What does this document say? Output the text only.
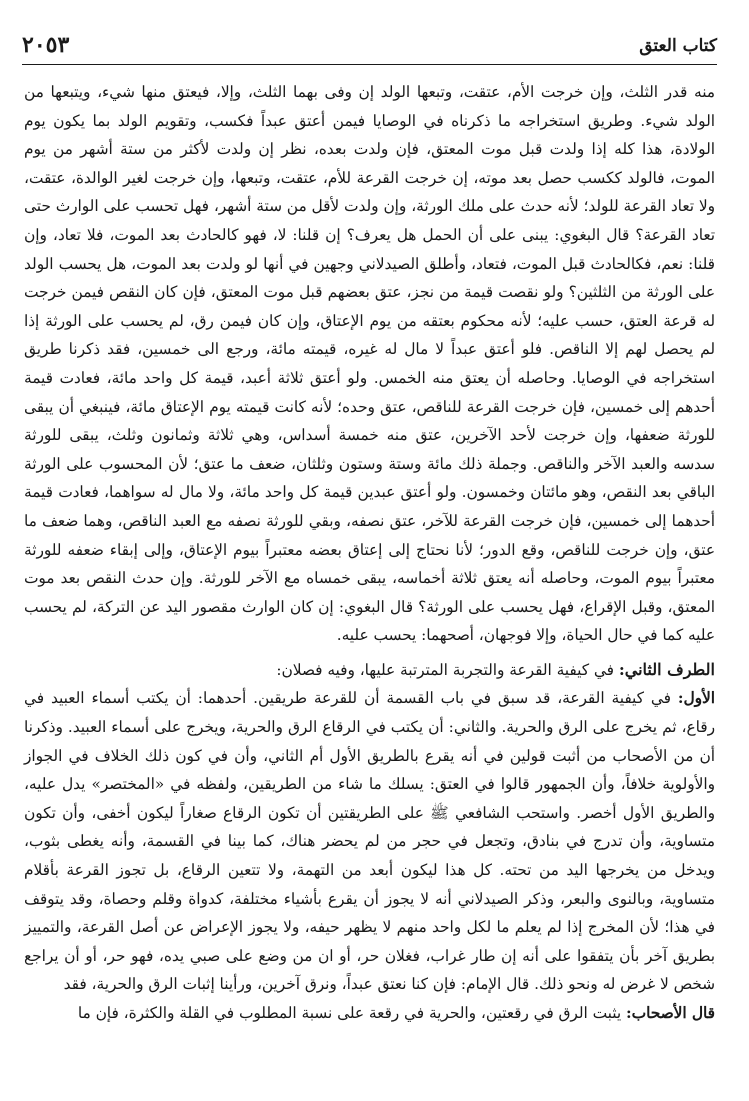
كتاب العتق
٢٠٥٣

منه قدر الثلث، وإن خرجت الأم، عتقت، وتبعها الولد إن وفى بهما الثلث، وإلا، فيعتق منها شيء، ويتبعها من الولد شيء. وطريق استخراجه ما ذكرناه في الوصايا فيمن أعتق عبداً فكسب، وتقويم الولد بما يكون يوم الولادة، هذا كله إذا ولدت قبل موت المعتق، فإن ولدت بعده، نظر إن ولدت لأكثر من ستة أشهر من يوم الموت، فالولد ككسب حصل بعد موته، إن خرجت القرعة للأم، عتقت، وتبعها، وإن خرجت لغير الوالدة، عتقت، ولا تعاد القرعة للولد؛ لأنه حدث على ملك الورثة، وإن ولدت لأقل من ستة أشهر، فهل تحسب على الوارث حتى تعاد القرعة؟ قال البغوي: يبنى على أن الحمل هل يعرف؟ إن قلنا: لا، فهو كالحادث بعد الموت، فلا تعاد، وإن قلنا: نعم، فكالحادث قبل الموت، فتعاد، وأطلق الصيدلاني وجهين في أنها لو ولدت بعد الموت، هل يحسب الولد على الورثة من الثلثين؟ ولو نقصت قيمة من نجز، عتق بعضهم قبل موت المعتق، فإن كان النقص فيمن خرجت له قرعة العتق، حسب عليه؛ لأنه محكوم بعتقه من يوم الإعتاق، وإن كان فيمن رق، لم يحسب على الورثة إذا لم يحصل لهم إلا الناقص. فلو أعتق عبداً لا مال له غيره، قيمته مائة، ورجع الى خمسين، فقد ذكرنا طريق استخراجه في الوصايا. وحاصله أن يعتق منه الخمس. ولو أعتق ثلاثة أعبد، قيمة كل واحد مائة، فعادت قيمة أحدهم إلى خمسين، فإن خرجت القرعة للناقص، عتق وحده؛ لأنه كانت قيمته يوم الإعتاق مائة، فينبغي أن يبقى للورثة ضعفها، وإن خرجت لأحد الآخرين، عتق منه خمسة أسداس، وهي ثلاثة وثمانون وثلث، يبقى للورثة سدسه والعبد الآخر والناقص. وجملة ذلك مائة وستة وستون وثلثان، ضعف ما عتق؛ لأن المحسوب على الورثة الباقي بعد النقص، وهو مائتان وخمسون. ولو أعتق عبدين قيمة كل واحد مائة، ولا مال له سواهما، فعادت قيمة أحدهما إلى خمسين، فإن خرجت القرعة للآخر، عتق نصفه، وبقي للورثة نصفه مع العبد الناقص، وهما ضعف ما عتق، وإن خرجت للناقص، وقع الدور؛ لأنا نحتاج إلى إعتاق بعضه معتبراً بيوم الإعتاق، وإلى إبقاء ضعفه للورثة معتبراً بيوم الموت، وحاصله أنه يعتق ثلاثة أخماسه، يبقى خمساه مع الآخر للورثة. وإن حدث النقص بعد موت المعتق، وقبل الإقراع، فهل يحسب على الورثة؟ قال البغوي: إن كان الوارث مقصور اليد عن التركة، لم يحسب عليه كما في حال الحياة، وإلا فوجهان، أصحهما: يحسب عليه.

الطرف الثاني: في كيفية القرعة والتجربة المترتبة عليها، وفيه فصلان:

الأول: في كيفية القرعة، قد سبق في باب القسمة أن للقرعة طريقين. أحدهما: أن يكتب أسماء العبيد في رقاع، ثم يخرج على الرق والحرية. والثاني: أن يكتب في الرقاع الرق والحرية، ويخرج على أسماء العبيد. وذكرنا أن من الأصحاب من أثبت قولين في أنه يقرع بالطريق الأول أم الثاني، وأن في كون ذلك الخلاف في الجواز والأولوية خلافاً، وأن الجمهور قالوا في العتق: يسلك ما شاء من الطريقين، ولفظه في «المختصر» يدل عليه، والطريق الأول أخصر. واستحب الشافعي ﷺ على الطريقتين أن تكون الرقاع صغاراً ليكون أخفى، وأن تكون متساوية، وأن تدرج في بنادق، وتجعل في حجر من لم يحضر هناك، كما بينا في القسمة، وأنه يغطى بثوب، ويدخل من يخرجها اليد من تحته. كل هذا ليكون أبعد من التهمة، ولا تتعين الرقاع، بل تجوز القرعة بأقلام متساوية، وبالنوى والبعر، وذكر الصيدلاني أنه لا يجوز أن يقرع بأشياء مختلفة، كدواة وقلم وحصاة، وقد يتوقف في هذا؛ لأن المخرج إذا لم يعلم ما لكل واحد منهم لا يظهر حيفه، ولا يجوز الإعراض عن أصل القرعة، والتمييز بطريق آخر بأن يتفقوا على أنه إن طار غراب، فغلان حر، أو ان من وضع على صبي يده، فهو حر، أو أن يراجع شخص لا غرض له ونحو ذلك. قال الإمام: فإن كنا نعتق عبداً، ونرق آخرين، ورأينا إثبات الرق والحرية، فقد

قال الأصحاب: يثبت الرق في رقعتين، والحرية في رقعة على نسبة المطلوب في القلة والكثرة، فإن ما
